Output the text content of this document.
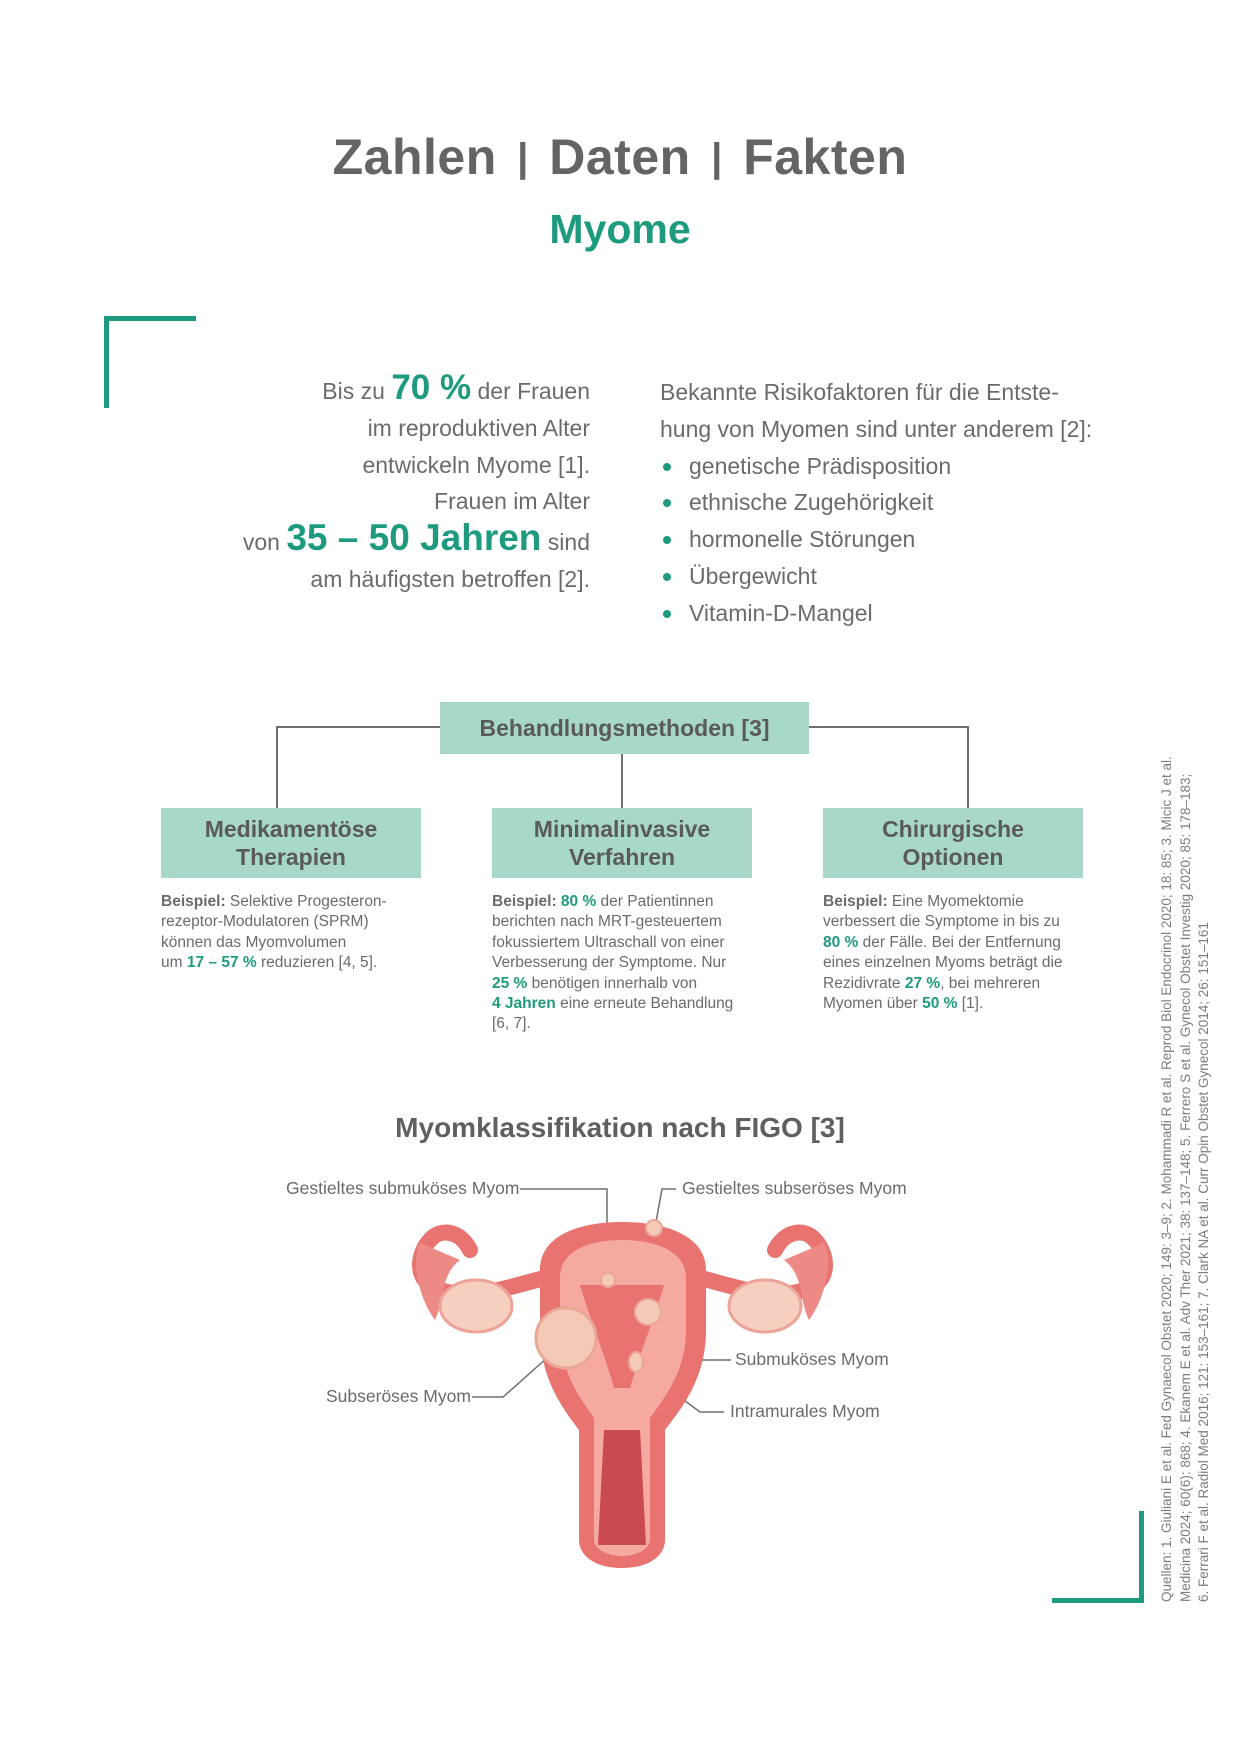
Zahlen | Daten | Fakten
Myome
Bis zu 70 % der Frauen
im reproduktiven Alter
entwickeln Myome [1].
Frauen im Alter
von 35 – 50 Jahren sind
am häufigsten betroffen [2].
Bekannte Risikofaktoren für die Entste-
hung von Myomen sind unter anderem [2]:
genetische Prädisposition
ethnische Zugehörigkeit
hormonelle Störungen
Übergewicht
Vitamin-D-Mangel
Behandlungsmethoden [3]
Medikamentöse
Therapien
Beispiel: Selektive Progesteron-
rezeptor-Modulatoren (SPRM)
können das Myomvolumen
um 17 – 57 % reduzieren [4, 5].
Minimalinvasive
Verfahren
Beispiel: 80 % der Patientinnen
berichten nach MRT-gesteuertem
fokussiertem Ultraschall von einer
Verbesserung der Symptome. Nur
25 % benötigen innerhalb von
4 Jahren eine erneute Behandlung
[6, 7].
Chirurgische
Optionen
Beispiel: Eine Myomektomie
verbessert die Symptome in bis zu
80 % der Fälle. Bei der Entfernung
eines einzelnen Myoms beträgt die
Rezidivrate 27 %, bei mehreren
Myomen über 50 % [1].
Myomklassifikation nach FIGO [3]
Gestieltes submuköses Myom	Gestieltes subseröses Myom
Submuköses Myom
Intramurales Myom
Subseröses Myom	Quellen: 1. Giuliani E et al. Fed Gynaecol Obstet 2020; 149: 3–9; 2. Mohammadi R et al. Reprod Biol Endocrinol 2020; 18: 85; 3. Micic J et al. Medicina 2024; 60(6): 868; 4. Ekanem E et al. Adv Ther 2021; 38: 137–148; 5. Ferrero S et al. Gynecol Obstet Investig 2020; 85: 178–183; 6. Ferrari F et al. Radiol Med 2016; 121: 153–161; 7. Clark NA et al. Curr Opin Obstet Gynecol 2014; 26: 151–161
